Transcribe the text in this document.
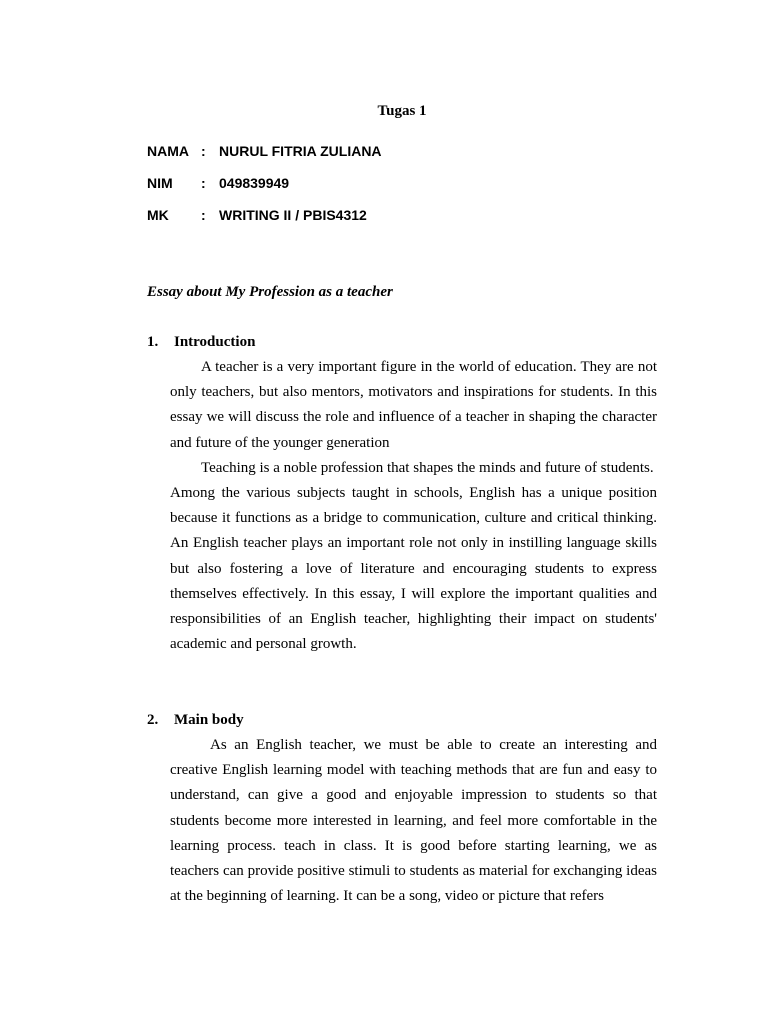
Tugas 1
NAMA : NURUL FITRIA ZULIANA
NIM : 049839949
MK : WRITING II / PBIS4312
Essay about My Profession as a teacher
1. Introduction

A teacher is a very important figure in the world of education. They are not only teachers, but also mentors, motivators and inspirations for students. In this essay we will discuss the role and influence of a teacher in shaping the character and future of the younger generation

Teaching is a noble profession that shapes the minds and future of students.

Among the various subjects taught in schools, English has a unique position because it functions as a bridge to communication, culture and critical thinking. An English teacher plays an important role not only in instilling language skills but also fostering a love of literature and encouraging students to express themselves effectively. In this essay, I will explore the important qualities and responsibilities of an English teacher, highlighting their impact on students' academic and personal growth.

2. Main body

As an English teacher, we must be able to create an interesting and creative English learning model with teaching methods that are fun and easy to understand, can give a good and enjoyable impression to students so that students become more interested in learning, and feel more comfortable in the learning process. teach in class. It is good before starting learning, we as teachers can provide positive stimuli to students as material for exchanging ideas at the beginning of learning. It can be a song, video or picture that refers
